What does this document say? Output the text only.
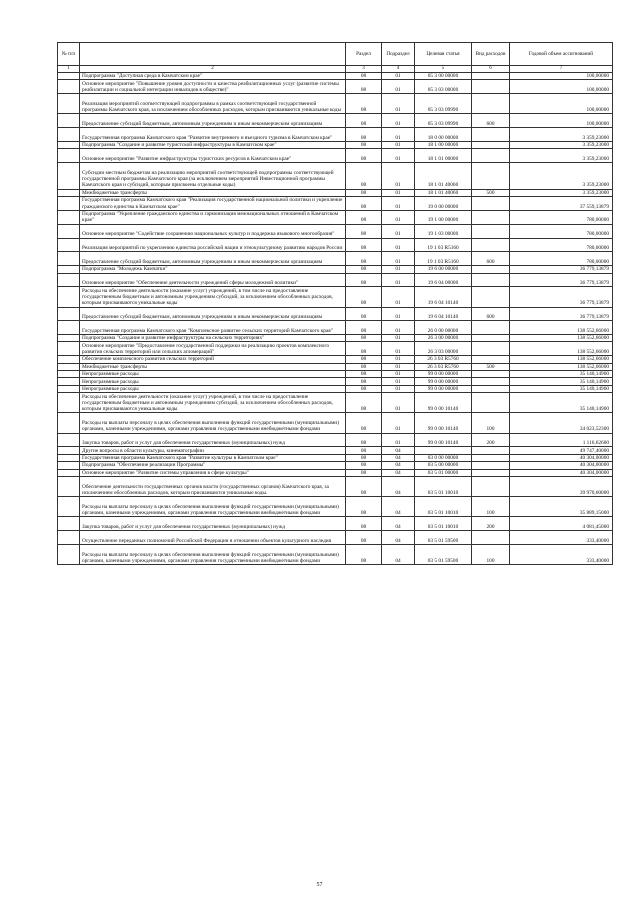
№ п/п		Раздел	Подраздел	Целевая статья	Вид расходов	Годовой объем ассигнований
1	2	3	4	5	6	7
	Подпрограмма "Доступная среда в Камчатском крае"	08	01	05 3 00 00000		100,00000
	Основное мероприятие "Повышение уровня доступности и качества реабилитационных услуг (развитие системы реабилитации и социальной интеграции инвалидов в обществе)"	08	01	05 3 03 00000		100,00000
	Реализация мероприятий соответствующей подпрограммы в рамках соответствующей государственной программы Камчатского края, за исключением обособленных расходов, которым присваиваются уникальные коды	08	01	05 3 03 09990		100,00000
	Предоставление субсидий бюджетным, автономным учреждениям и иным некоммерческим организациям	08	01	05 3 03 09990	600	100,00000
	Государственная программа Камчатского края "Развитие внутреннего и въездного туризма в Камчатском крае"	08	01	18 0 00 00000		3 359,23000
	Подпрограмма "Создание и развитие туристской инфраструктуры в Камчатском крае"	08	01	18 1 00 00000		3 359,23000
	Основное мероприятие "Развитие инфраструктуры туристских ресурсов в Камчатском крае"	08	01	18 1 01 00000		3 359,23000
	Субсидии местным бюджетам на реализацию мероприятий соответствующей подпрограммы соответствующей государственной программы Камчатского края (за исключением мероприятий Инвестиционной программы Камчатского края и субсидий, которым присвоены отдельные коды)	08	01	18 1 01 40060		3 359,23000
	Межбюджетные трансферты	08	01	18 1 01 40060	500	3 359,23000
	Государственная программа Камчатского края "Реализация государственной национальной политики и укрепление гражданского единства в Камчатском крае"	08	01	19 0 00 00000		37 559,13879
	Подпрограмма "Укрепление гражданского единства и гармонизация межнациональных отношений в Камчатском крае"	08	01	19 1 00 00000		780,00000
	Основное мероприятие "Содействие сохранению национальных культур и поддержка языкового многообразия"	08	01	19 1 03 00000		780,00000
	Реализация мероприятий по укреплению единства российской нации и этнокультурному развитию народов России	08	01	19 1 03 R5160		780,00000
	Предоставление субсидий бюджетным, автономным учреждениям и иным некоммерческим организациям	08	01	19 1 03 R5160	600	780,00000
	Подпрограмма "Молодежь Камчатки"	08	01	19 6 00 00000		36 779,13879
	Основное мероприятие "Обеспечение деятельности учреждений сферы молодежной политики"	08	01	19 6 04 00000		36 779,13879
	Расходы на обеспечение деятельности (оказание услуг) учреждений, в том числе на предоставление государственным бюджетным и автономным учреждениям субсидий, за исключением обособленных расходов, которым присваиваются уникальные коды	08	01	19 6 04 10140		36 779,13879
	Предоставление субсидий бюджетным, автономным учреждениям и иным некоммерческим организациям	08	01	19 6 04 10140	600	36 779,13879
	Государственная программа Камчатского края "Комплексное развитие сельских территорий Камчатского края"	08	01	26 0 00 00000		138 552,66000
	Подпрограмма "Создание и развитие инфраструктуры на сельских территориях"	08	01	26 3 00 00000		138 552,66000
	Основное мероприятие "Предоставление государственной поддержки на реализацию проектов комплексного развития сельских территорий или сельских агломераций"	08	01	26 3 03 00000		138 552,66000
	Обеспечение комплексного развития сельских территорий	08	01	26 3 03 R5760		138 552,66000
	Межбюджетные трансферты	08	01	26 3 03 R5760	500	138 552,66000
	Непрограммные расходы	08	01	99 0 00 00000		35 140,14900
	Непрограммные расходы	08	01	99 0 00 00000		35 140,14900
	Непрограммные расходы	08	01	99 0 00 00000		35 140,14900
	Расходы на обеспечение деятельности (оказание услуг) учреждений, в том числе на предоставление государственным бюджетным и автономным учреждениям субсидий, за исключением обособленных расходов, которым присваиваются уникальные коды	08	01	99 0 00 10140		35 140,14900
	Расходы на выплаты персоналу в целях обеспечения выполнения функций государственными (муниципальными) органами, казенными учреждениями, органами управления государственными внебюджетными фондами	08	01	99 0 00 10140	100	34 023,52300
	Закупка товаров, работ и услуг для обеспечения государственных (муниципальных) нужд	08	01	99 0 00 10140	200	1 116,62600
	Другие вопросы в области культуры, кинематографии	08	04			49 747,40000
	Государственная программа Камчатского края "Развитие культуры в Камчатском крае"	08	04	03 0 00 00000		40 304,00000
	Подпрограмма "Обеспечение реализации Программы"	08	04	03 5 00 00000		40 304,00000
	Основное мероприятие "Развитие системы управления в сфере культуры"	08	04	03 5 01 00000		40 304,00000
	Обеспечение деятельности государственных органов власти (государственных органов) Камчатского края, за исключением обособленных расходов, которым присваиваются уникальные коды.	08	04	03 5 01 10010		39 970,60000
	Расходы на выплаты персоналу в целях обеспечения выполнения функций государственными (муниципальными) органами, казенными учреждениями, органами управления государственными внебюджетными фондами	08	04	03 5 01 10010	100	35 889,15000
	Закупка товаров, работ и услуг для обеспечения государственных (муниципальных) нужд	08	04	03 5 01 10010	200	4 081,45000
	Осуществление переданных полномочий Российской Федерации в отношении объектов культурного наследия	08	04	03 5 01 59500		333,40000
	Расходы на выплаты персоналу в целях обеспечения выполнения функций государственными (муниципальными) органами, казенными учреждениями, органами управления государственными внебюджетными фондами	08	04	03 5 01 59500	100	333,40000
57
